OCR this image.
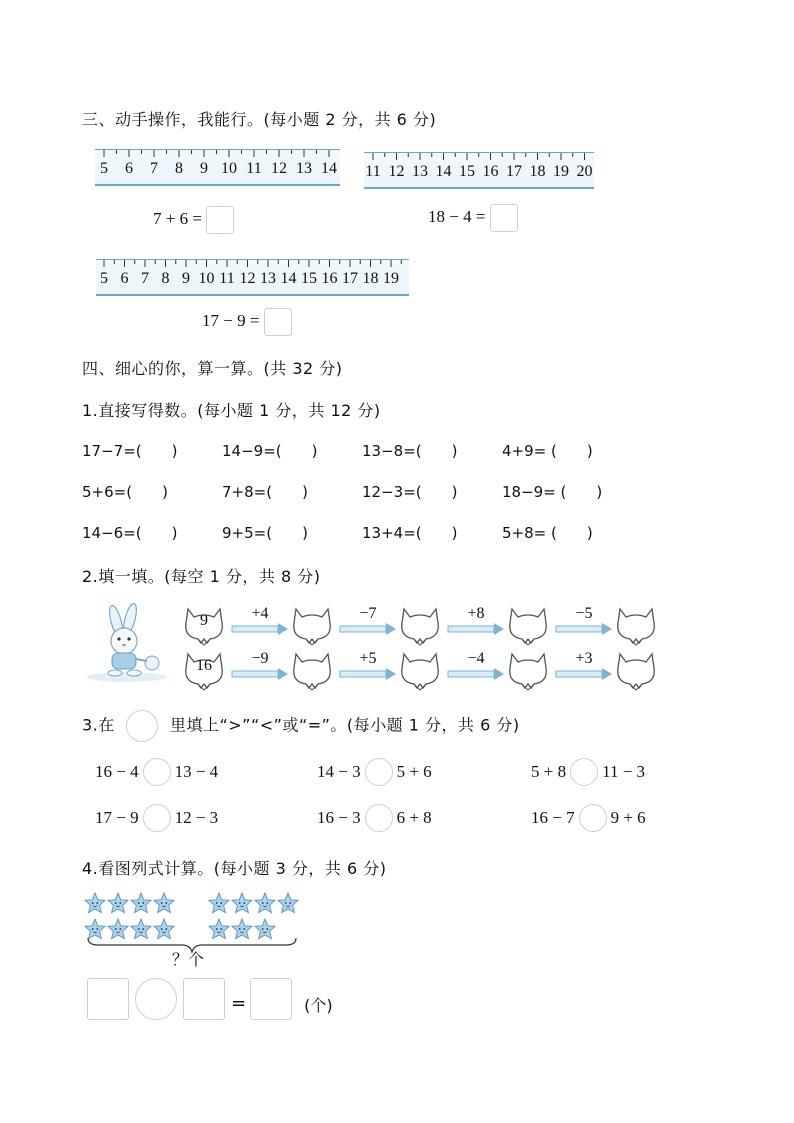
三、动手操作，我能行。(每小题 2 分，共 6 分)
5 6 7 8 9 10 11 12 13 14 11 12 13 14 15 16 17 18 19 20
7 + 6 =	18 − 4 =
5 6 7 8 9 10 11 12 13 14 15 16 17 18 19
17 − 9 =
四、细心的你，算一算。(共 32 分)
1.直接写得数。(每小题 1 分，共 12 分)
17−7=(　　)	14−9=(　　)	13−8=(　　)	4+9= (　　)
5+6=(　　)	7+8=(　　)	12−3=(　　)	18−9= (　　)
14−6=(　　)	9+5=(　　)	13+4=(　　)	5+8= (　　)
2.填一填。(每空 1 分，共 8 分)
9	+4	−7	+8	−5
16	−9	+5	−4	+3
3.在	里填上“>”“<”或“=”。(每小题 1 分，共 6 分)
16 − 4 13 − 4	14 − 3 5 + 6	5 + 8 11 − 3
17 − 9 12 − 3	16 − 3 6 + 8	16 − 7 9 + 6
4.看图列式计算。(每小题 3 分，共 6 分)
？个
=	(个)
